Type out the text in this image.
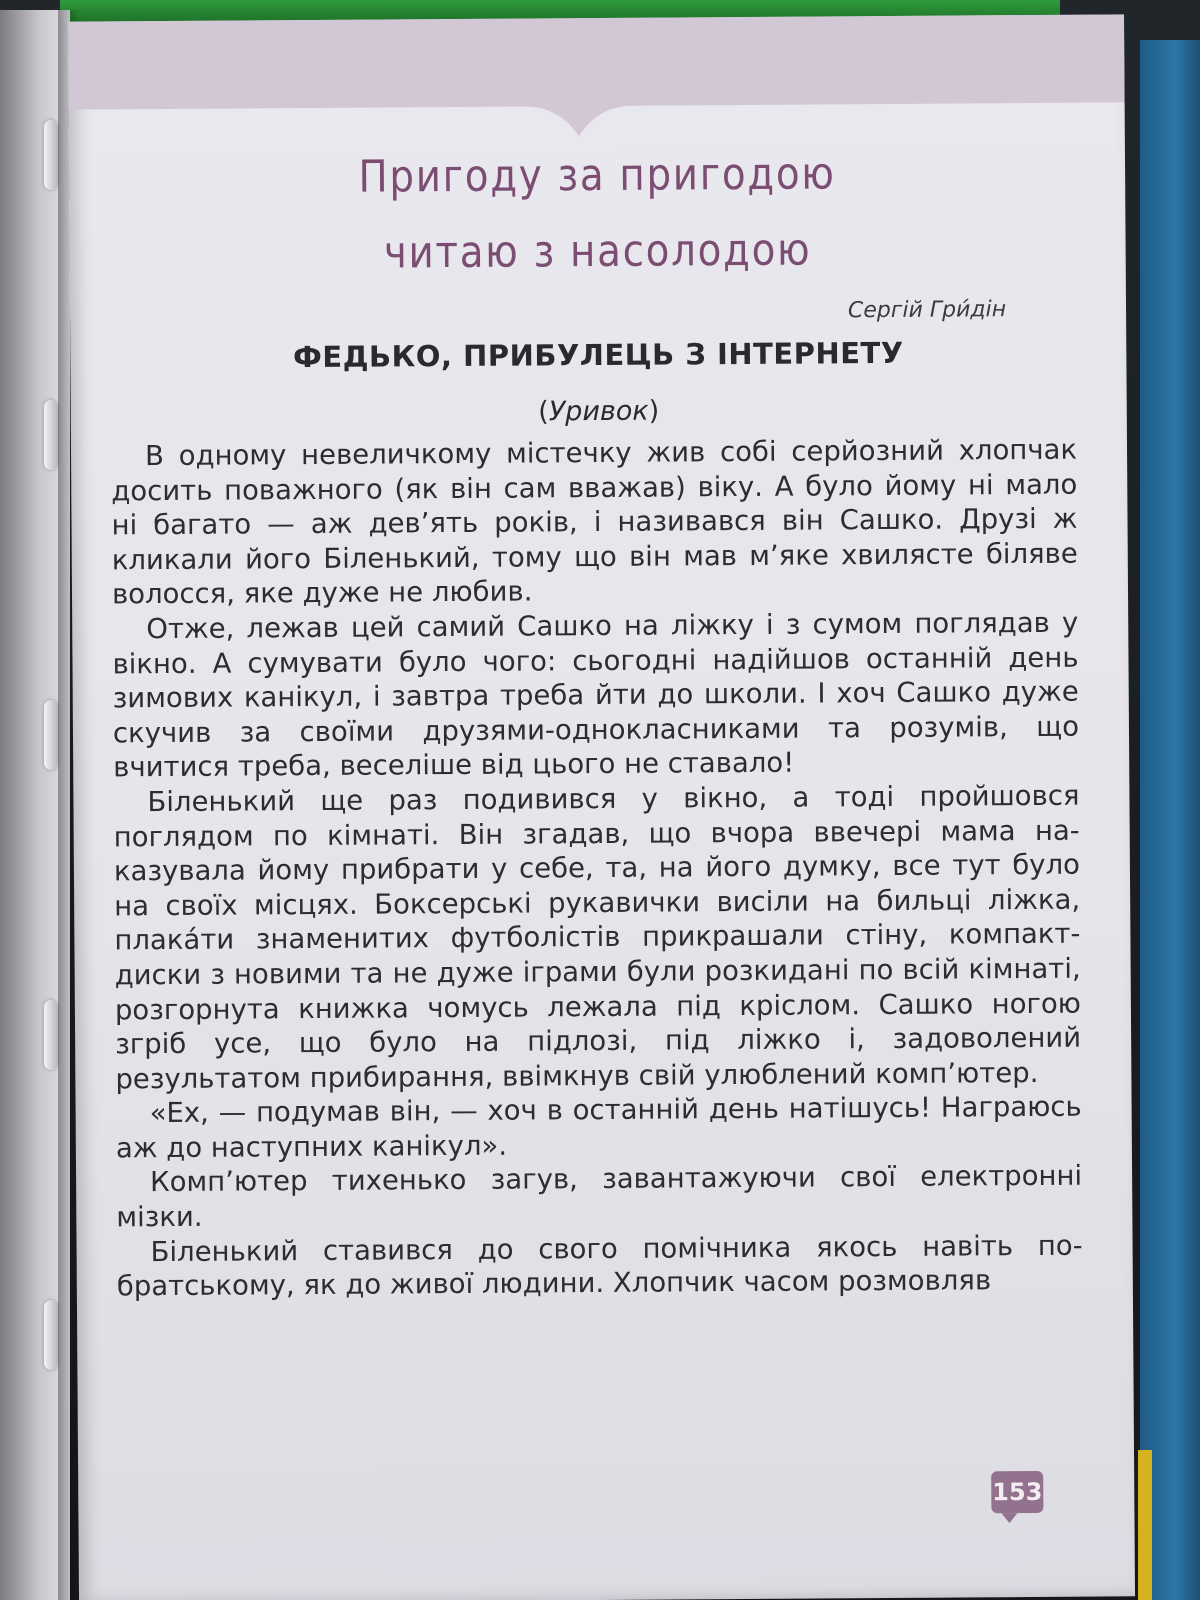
Пригоду за пригодою
читаю з насолодою
Сергій Гри́дін
ФЕДЬКО, ПРИБУЛЕЦЬ З ІНТЕРНЕТУ
(Уривок)

В одному невеличкому містечку жив собі серйозний хлопчак досить поважного (як він сам вважав) віку. А було йому ні мало ні багато — аж дев’ять років, і називався він Сашко. Друзі ж кликали його Біленький, тому що він мав м’яке хвилясте біляве волосся, яке дуже не любив.

Отже, лежав цей самий Сашко на ліжку і з сумом поглядав у вікно. А сумувати було чого: сьогодні надійшов останній день зимових канікул, і завтра треба йти до школи. І хоч Сашко дуже скучив за своїми друзями-однокласниками та розумів, що вчитися треба, веселіше від цього не ставало!

Біленький ще раз подивився у вікно, а тоді пройшовся поглядом по кімнаті. Він згадав, що вчора ввечері мама наказувала йому прибрати у себе, та, на його думку, все тут було на своїх місцях. Боксерські рукавички висіли на бильці ліжка, плака́ти знаменитих футболістів прикрашали стіну, компакт-диски з новими та не дуже іграми були розкидані по всій кімнаті, розгорнута книжка чомусь лежала під кріслом. Сашко ногою згріб усе, що було на підлозі, під ліжко і, задоволений результатом прибирання, ввімкнув свій улюблений комп’ютер.

«Ех, — подумав він, — хоч в останній день натішусь! Награюсь аж до наступних канікул».

Комп’ютер тихенько загув, завантажуючи свої електронні мізки.

Біленький ставився до свого помічника якось навіть по-братському, як до живої людини. Хлопчик часом розмовляв

153
